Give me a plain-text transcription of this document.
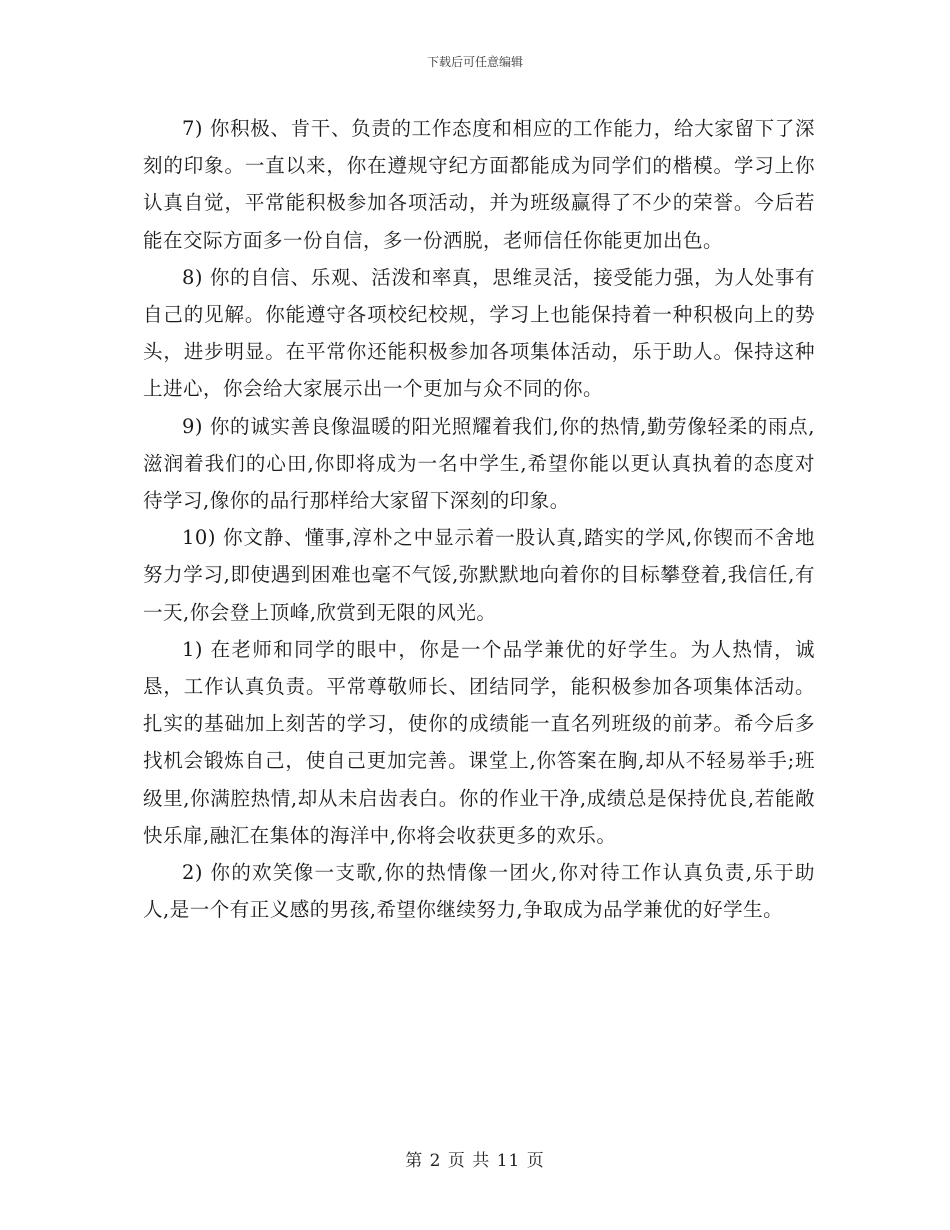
下载后可任意编辑

7) 你积极、肯干、负责的工作态度和相应的工作能力，给大家留下了深刻的印象。一直以来，你在遵规守纪方面都能成为同学们的楷模。学习上你认真自觉，平常能积极参加各项活动，并为班级赢得了不少的荣誉。今后若能在交际方面多一份自信，多一份洒脱，老师信任你能更加出色。

8) 你的自信、乐观、活泼和率真，思维灵活，接受能力强，为人处事有自己的见解。你能遵守各项校纪校规，学习上也能保持着一种积极向上的势头，进步明显。在平常你还能积极参加各项集体活动，乐于助人。保持这种上进心，你会给大家展示出一个更加与众不同的你。

9) 你的诚实善良像温暖的阳光照耀着我们,你的热情,勤劳像轻柔的雨点,滋润着我们的心田,你即将成为一名中学生,希望你能以更认真执着的态度对待学习,像你的品行那样给大家留下深刻的印象。

10) 你文静、懂事,淳朴之中显示着一股认真,踏实的学风,你锲而不舍地努力学习,即使遇到困难也毫不气馁,弥默默地向着你的目标攀登着,我信任,有一天,你会登上顶峰,欣赏到无限的风光。

1) 在老师和同学的眼中，你是一个品学兼优的好学生。为人热情，诚恳，工作认真负责。平常尊敬师长、团结同学，能积极参加各项集体活动。扎实的基础加上刻苦的学习，使你的成绩能一直名列班级的前茅。希今后多找机会锻炼自己，使自己更加完善。课堂上,你答案在胸,却从不轻易举手;班级里,你满腔热情,却从未启齿表白。你的作业干净,成绩总是保持优良,若能敞快乐扉,融汇在集体的海洋中,你将会收获更多的欢乐。

2) 你的欢笑像一支歌,你的热情像一团火,你对待工作认真负责,乐于助人,是一个有正义感的男孩,希望你继续努力,争取成为品学兼优的好学生。

第 2 页 共 11 页
